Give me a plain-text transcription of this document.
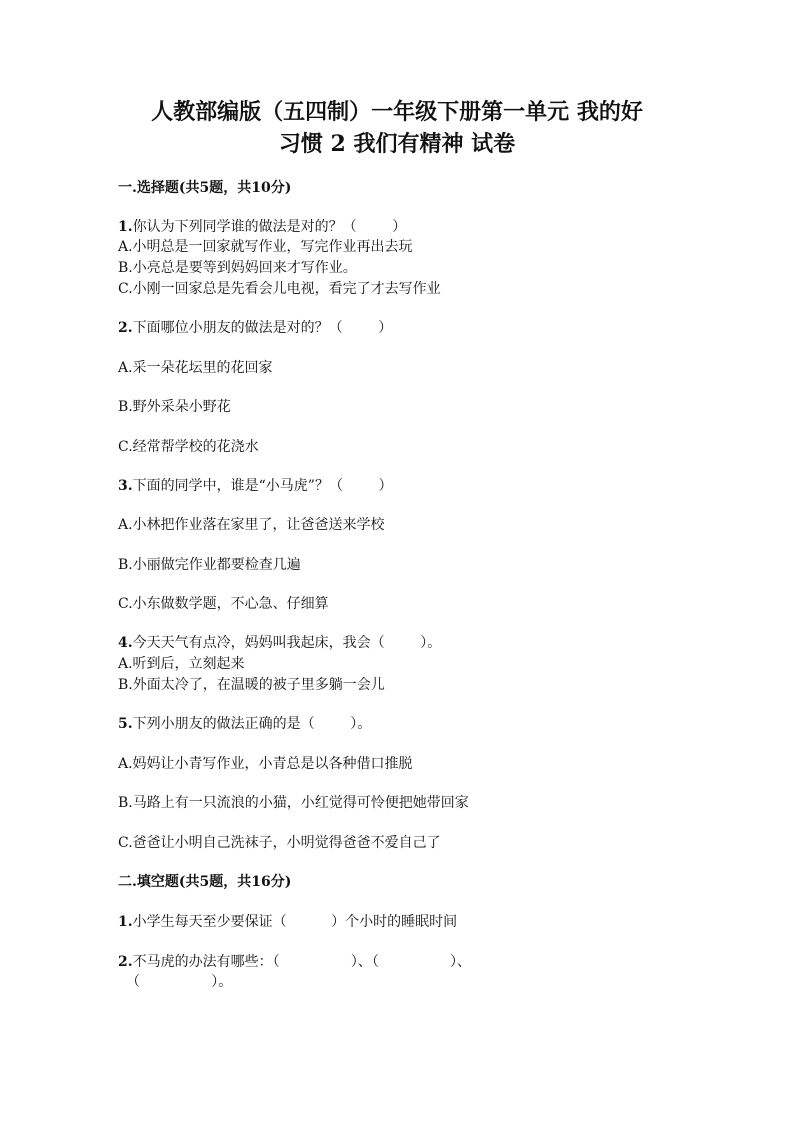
人教部编版（五四制）一年级下册第一单元 我的好
习惯 2 我们有精神 试卷
一.选择题(共5题，共10分)
1.你认为下列同学谁的做法是对的？（        ）
A.小明总是一回家就写作业，写完作业再出去玩
B.小亮总是要等到妈妈回来才写作业。
C.小刚一回家总是先看会儿电视，看完了才去写作业
2.下面哪位小朋友的做法是对的？（        ）
A.采一朵花坛里的花回家
B.野外采朵小野花
C.经常帮学校的花浇水
3.下面的同学中，谁是“小马虎”？（        ）
A.小林把作业落在家里了，让爸爸送来学校
B.小丽做完作业都要检查几遍
C.小东做数学题，不心急、仔细算
4.今天天气有点冷，妈妈叫我起床，我会（        ）。
A.听到后，立刻起来
B.外面太冷了，在温暖的被子里多躺一会儿
5.下列小朋友的做法正确的是（        ）。
A.妈妈让小青写作业，小青总是以各种借口推脱
B.马路上有一只流浪的小猫，小红觉得可怜便把她带回家
C.爸爸让小明自己洗袜子，小明觉得爸爸不爱自己了
二.填空题(共5题，共16分)
1.小学生每天至少要保证（          ）个小时的睡眠时间
2.不马虎的办法有哪些：（                ）、（                ）、
（                ）。
